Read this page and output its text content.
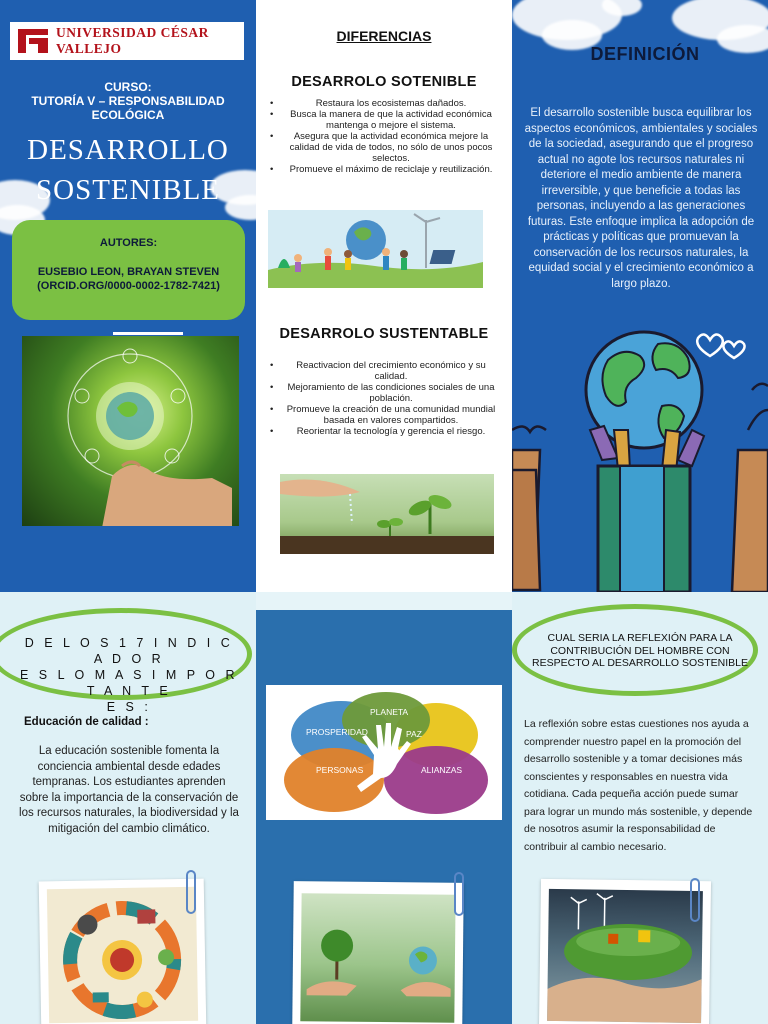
UNIVERSIDAD CÉSAR VALLEJO
CURSO:
TUTORÍA V – RESPONSABILIDAD
ECOLÓGICA
DESARROLLO
SOSTENIBLE
AUTORES:
EUSEBIO LEON, BRAYAN STEVEN
(ORCID.ORG/0000-0002-1782-7421)
DIFERENCIAS
DESARROLO SOTENIBLE
• Restaura los ecosistemas dañados.
• Busca la manera de que la actividad económica mantenga o mejore el sistema.
• Asegura que la actividad económica mejore la calidad de vida de todos, no sólo de unos pocos selectos.
• Promueve el máximo de reciclaje y reutilización.
DESARROLO SUSTENTABLE
• Reactivacion del crecimiento económico y su calidad.
• Mejoramiento de las condiciones sociales de una población.
• Promueve la creación de una comunidad mundial basada en valores compartidos.
• Reorientar la tecnología y gerencia el riesgo.
DEFINICIÓN
El desarrollo sostenible busca equilibrar los aspectos económicos, ambientales y sociales de la sociedad, asegurando que el progreso actual no agote los recursos naturales ni deteriore el medio ambiente de manera irreversible, y que beneficie a todas las personas, incluyendo a las generaciones futuras. Este enfoque implica la adopción de prácticas y políticas que promuevan la conservación de los recursos naturales, la equidad social y el crecimiento económico a largo plazo.
D E L O S 1 7 I N D I C A D O R
E S L O M A S I M P O R T A N T E
E S :
Educación de calidad :
La educación sostenible fomenta la conciencia ambiental desde edades tempranas. Los estudiantes aprenden sobre la importancia de la conservación de los recursos naturales, la biodiversidad y la mitigación del cambio climático.
PLANETA
PROSPERIDAD	PAZ
PERSONAS	ALIANZAS
CUAL SERIA LA REFLEXIÓN PARA LA CONTRIBUCIÓN DEL HOMBRE CON RESPECTO AL DESARROLLO SOSTENIBLE
La reflexión sobre estas cuestiones nos ayuda a comprender nuestro papel en la promoción del desarrollo sostenible y a tomar decisiones más conscientes y responsables en nuestra vida cotidiana. Cada pequeña acción puede sumar para lograr un mundo más sostenible, y depende de nosotros asumir la responsabilidad de contribuir al cambio necesario.
